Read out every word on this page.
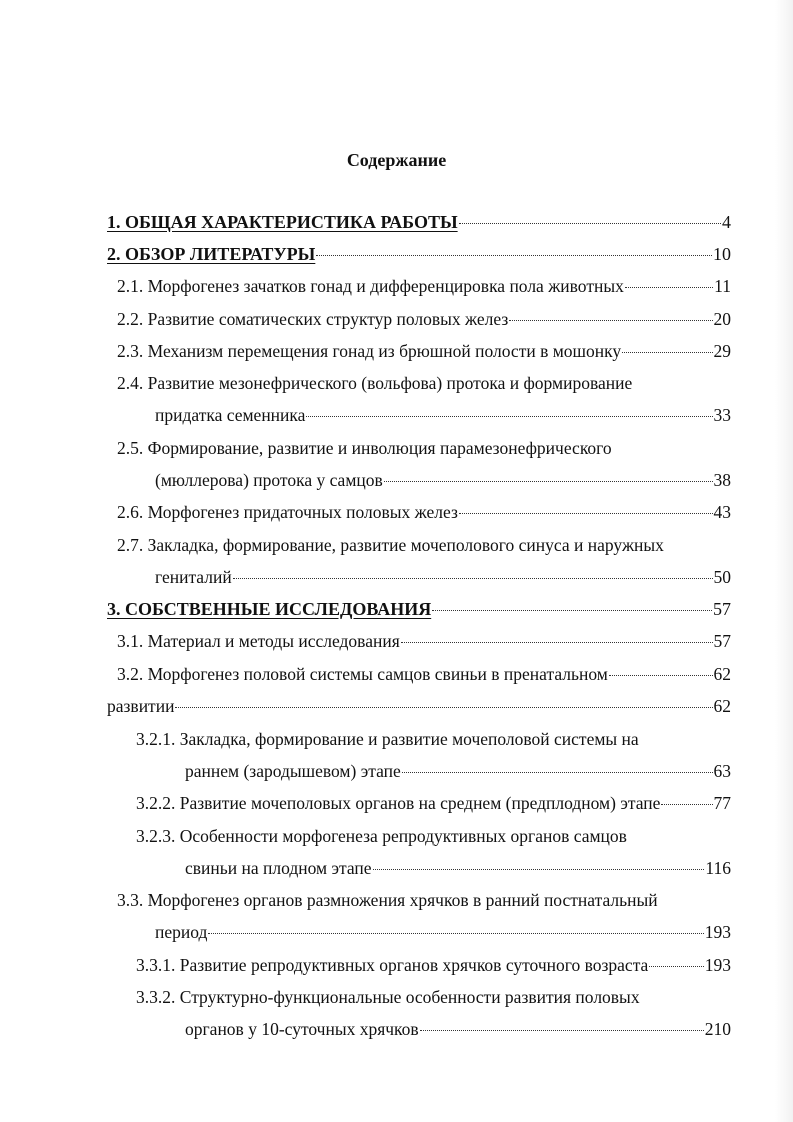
Содержание
1. ОБЩАЯ ХАРАКТЕРИСТИКА РАБОТЫ	4
2. ОБЗОР ЛИТЕРАТУРЫ	10
2.1. Морфогенез зачатков гонад и дифференцировка пола животных	11
2.2. Развитие соматических структур половых желез	20
2.3. Механизм перемещения гонад из брюшной полости в мошонку	29
2.4. Развитие мезонефрического (вольфова) протока и формирование
придатка семенника	33
2.5. Формирование, развитие и инволюция парамезонефрического
(мюллерова) протока у самцов	38
2.6. Морфогенез придаточных половых желез	43
2.7. Закладка, формирование, развитие мочеполового синуса и наружных
гениталий	50
3. СОБСТВЕННЫЕ ИССЛЕДОВАНИЯ	57
3.1. Материал и методы исследования	57
3.2. Морфогенез половой системы самцов свиньи в пренатальном	62
развитии	62
3.2.1. Закладка, формирование и развитие мочеполовой системы на
раннем (зародышевом) этапе	63
3.2.2. Развитие мочеполовых органов на среднем (предплодном) этапе	77
3.2.3. Особенности морфогенеза репродуктивных органов самцов
свиньи на плодном этапе	116
3.3. Морфогенез органов размножения хрячков в ранний постнатальный
период	193
3.3.1. Развитие репродуктивных органов хрячков суточного возраста	193
3.3.2. Структурно-функциональные особенности развития половых
органов у 10-суточных хрячков	210
